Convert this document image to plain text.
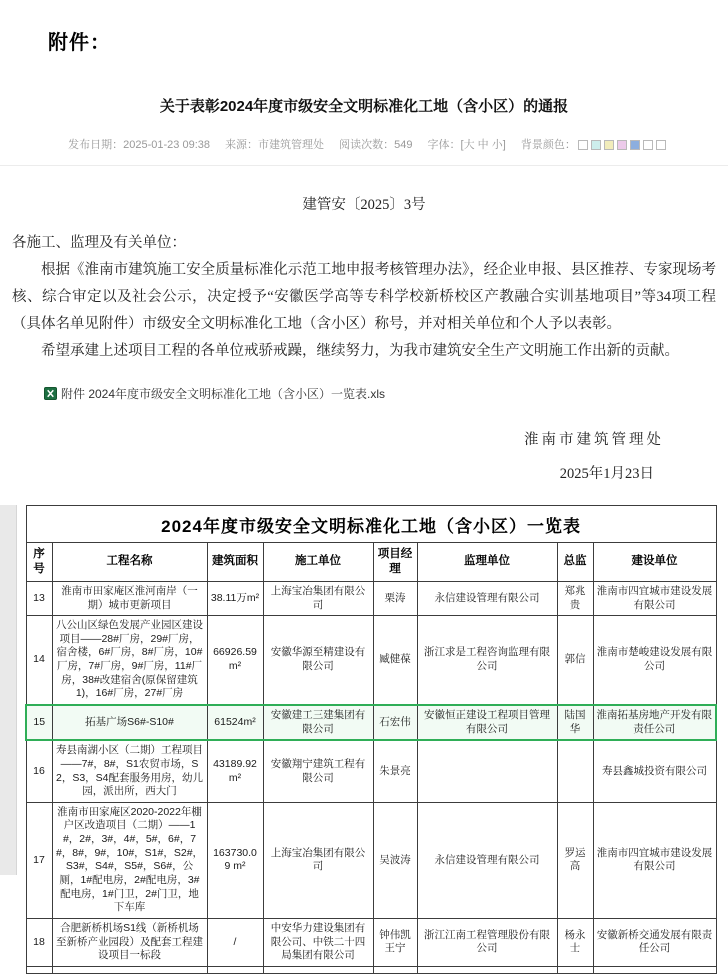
附件：
关于表彰2024年度市级安全文明标准化工地（含小区）的通报
发布日期：2025-01-23 09:38 来源：市建筑管理处 阅读次数：549 字体：[大 中 小] 背景颜色：
建管安〔2025〕3号

各施工、监理及有关单位：

根据《淮南市建筑施工安全质量标准化示范工地申报考核管理办法》，经企业申报、县区推荐、专家现场考核、综合审定以及社会公示，决定授予“安徽医学高等专科学校新桥校区产教融合实训基地项目”等34项工程（具体名单见附件）市级安全文明标准化工地（含小区）称号，并对相关单位和个人予以表彰。

希望承建上述项目工程的各单位戒骄戒躁，继续努力，为我市建筑安全生产文明施工作出新的贡献。

附件 2024年度市级安全文明标准化工地（含小区）一览表.xls
淮南市建筑管理处
2025年1月23日
2024年度市级安全文明标准化工地（含小区）一览表							
序号	工程名称	建筑面积	施工单位	项目经理	监理单位	总监	建设单位
13	淮南市田家庵区淮河南岸（一期）城市更新项目	38.11万m²	上海宝冶集团有限公司	栗涛	永信建设管理有限公司	郑兆贵	淮南市四宜城市建设发展有限公司
14	八公山区绿色发展产业园区建设项目——28#厂房，29#厂房，宿舍楼，6#厂房，8#厂房，10#厂房，7#厂房，9#厂房，11#厂房，38#改建宿舍(原保留建筑1)，16#厂房，27#厂房	66926.59m²	安徽华源至精建设有限公司	臧健葆	浙江求是工程咨询监理有限公司	郭信	淮南市楚峻建设发展有限公司
15	拓基广场S6#-S10#	61524m²	安徽建工三建集团有限公司	石宏伟	安徽恒正建设工程项目管理有限公司	陆国华	淮南拓基房地产开发有限责任公司
16	寿县南湖小区（二期）工程项目——7#，8#，S1农贸市场，S2，S3，S4配套服务用房，幼儿园，派出所，西大门	43189.92 m²	安徽翔宁建筑工程有限公司	朱景亮			寿县鑫城投资有限公司
17	淮南市田家庵区2020-2022年棚户区改造项目（二期）——1#，2#，3#，4#，5#，6#，7#，8#，9#，10#，S1#，S2#，S3#，S4#，S5#，S6#，公厕，1#配电房，2#配电房，3#配电房，1#门卫，2#门卫，地下车库	163730.09 m²	上海宝冶集团有限公司	吴波涛	永信建设管理有限公司	罗运高	淮南市四宜城市建设发展有限公司
18	合肥新桥机场S1线（新桥机场至新桥产业园段）及配套工程建设项目一标段	/	中安华力建设集团有限公司、中铁二十四局集团有限公司	钟伟凯 王宁	浙江江南工程管理股份有限公司	杨永士	安徽新桥交通发展有限责任公司
